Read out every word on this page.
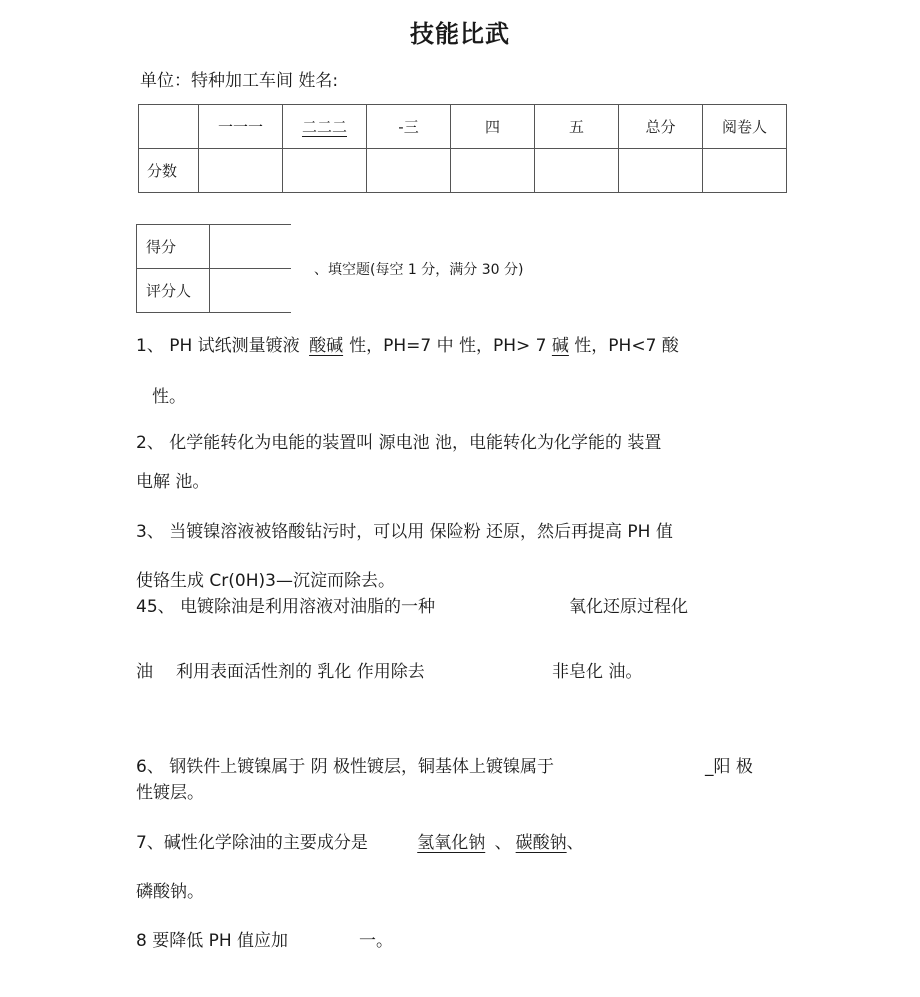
技能比武
单位：特种加工车间 姓名:
	一一一	二二二	-三	四	五	总分	阅卷人
分数							
得分	
评分人	
、填空题(每空 1 分，满分 30 分)
1、 PH 试纸测量镀液 酸碱 性，PH=7 中 性，PH> 7 碱 性，PH<7 酸
性。
2、 化学能转化为电能的装置叫 源电池 池，电能转化为化学能的 装置
电解 池。
3、 当镀镍溶液被铬酸钻污时，可以用 保险粉 还原，然后再提高 PH 值
使铬生成 Cr(0H)3—沉淀而除去。
45、 电镀除油是利用溶液对油脂的一种	氧化还原过程化
油 利用表面活性剂的 乳化 作用除去	非皂化 油。
6、 钢铁件上镀镍属于 阴 极性镀层，铜基体上镀镍属于	_阳 极
性镀层。
7、碱性化学除油的主要成分是	氢氧化钠 、 碳酸钠、
磷酸钠。
8 要降低 PH 值应加	一。
